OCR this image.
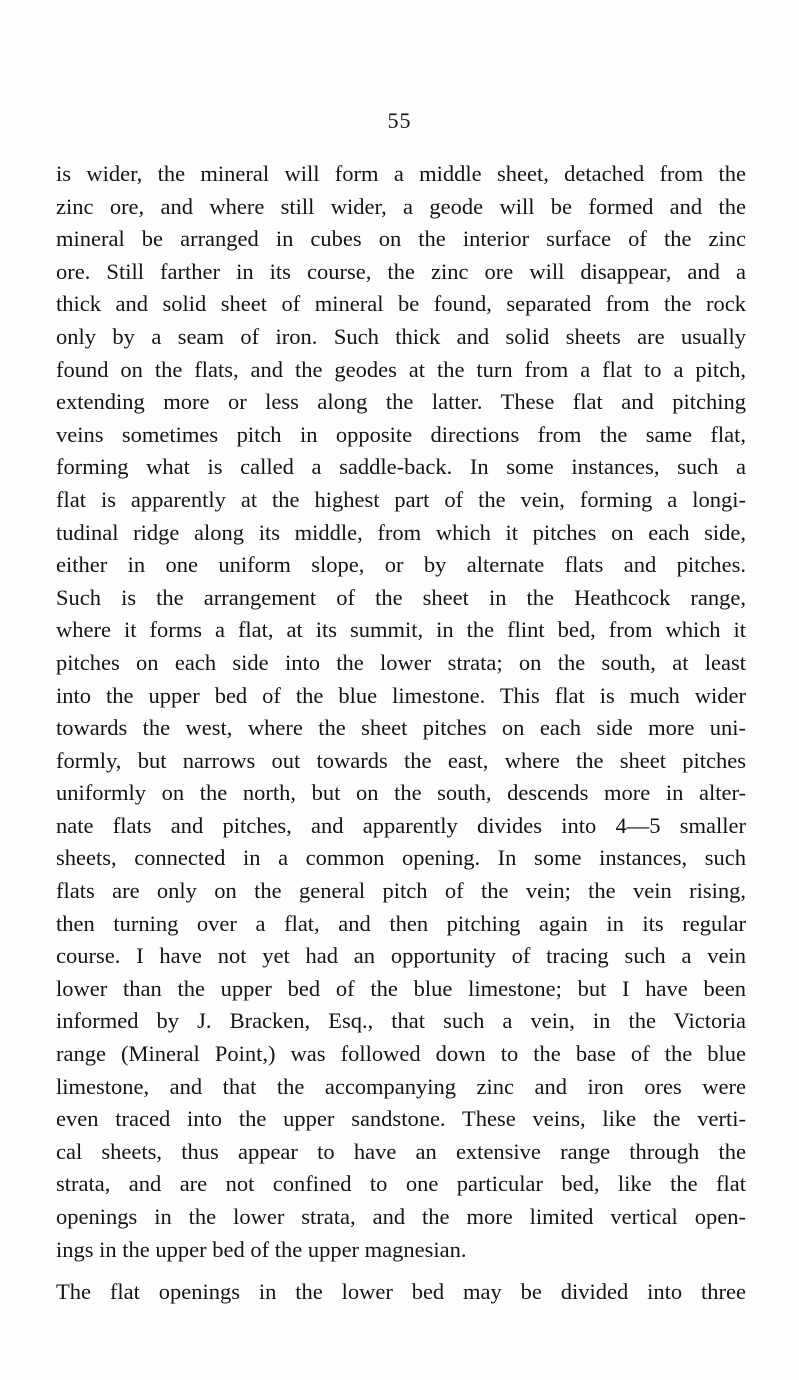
55

is wider, the mineral will form a middle sheet, detached from the
zinc ore, and where still wider, a geode will be formed and the
mineral be arranged in cubes on the interior surface of the zinc
ore. Still farther in its course, the zinc ore will disappear, and a
thick and solid sheet of mineral be found, separated from the rock
only by a seam of iron. Such thick and solid sheets are usually
found on the flats, and the geodes at the turn from a flat to a pitch,
extending more or less along the latter. These flat and pitching
veins sometimes pitch in opposite directions from the same flat,
forming what is called a saddle-back. In some instances, such a
flat is apparently at the highest part of the vein, forming a longi-
tudinal ridge along its middle, from which it pitches on each side,
either in one uniform slope, or by alternate flats and pitches.
Such is the arrangement of the sheet in the Heathcock range,
where it forms a flat, at its summit, in the flint bed, from which it
pitches on each side into the lower strata; on the south, at least
into the upper bed of the blue limestone. This flat is much wider
towards the west, where the sheet pitches on each side more uni-
formly, but narrows out towards the east, where the sheet pitches
uniformly on the north, but on the south, descends more in alter-
nate flats and pitches, and apparently divides into 4—5 smaller
sheets, connected in a common opening. In some instances, such
flats are only on the general pitch of the vein; the vein rising,
then turning over a flat, and then pitching again in its regular
course. I have not yet had an opportunity of tracing such a vein
lower than the upper bed of the blue limestone; but I have been
informed by J. Bracken, Esq., that such a vein, in the Victoria
range (Mineral Point,) was followed down to the base of the blue
limestone, and that the accompanying zinc and iron ores were
even traced into the upper sandstone. These veins, like the verti-
cal sheets, thus appear to have an extensive range through the
strata, and are not confined to one particular bed, like the flat
openings in the lower strata, and the more limited vertical open-
ings in the upper bed of the upper magnesian.
The flat openings in the lower bed may be divided into three
